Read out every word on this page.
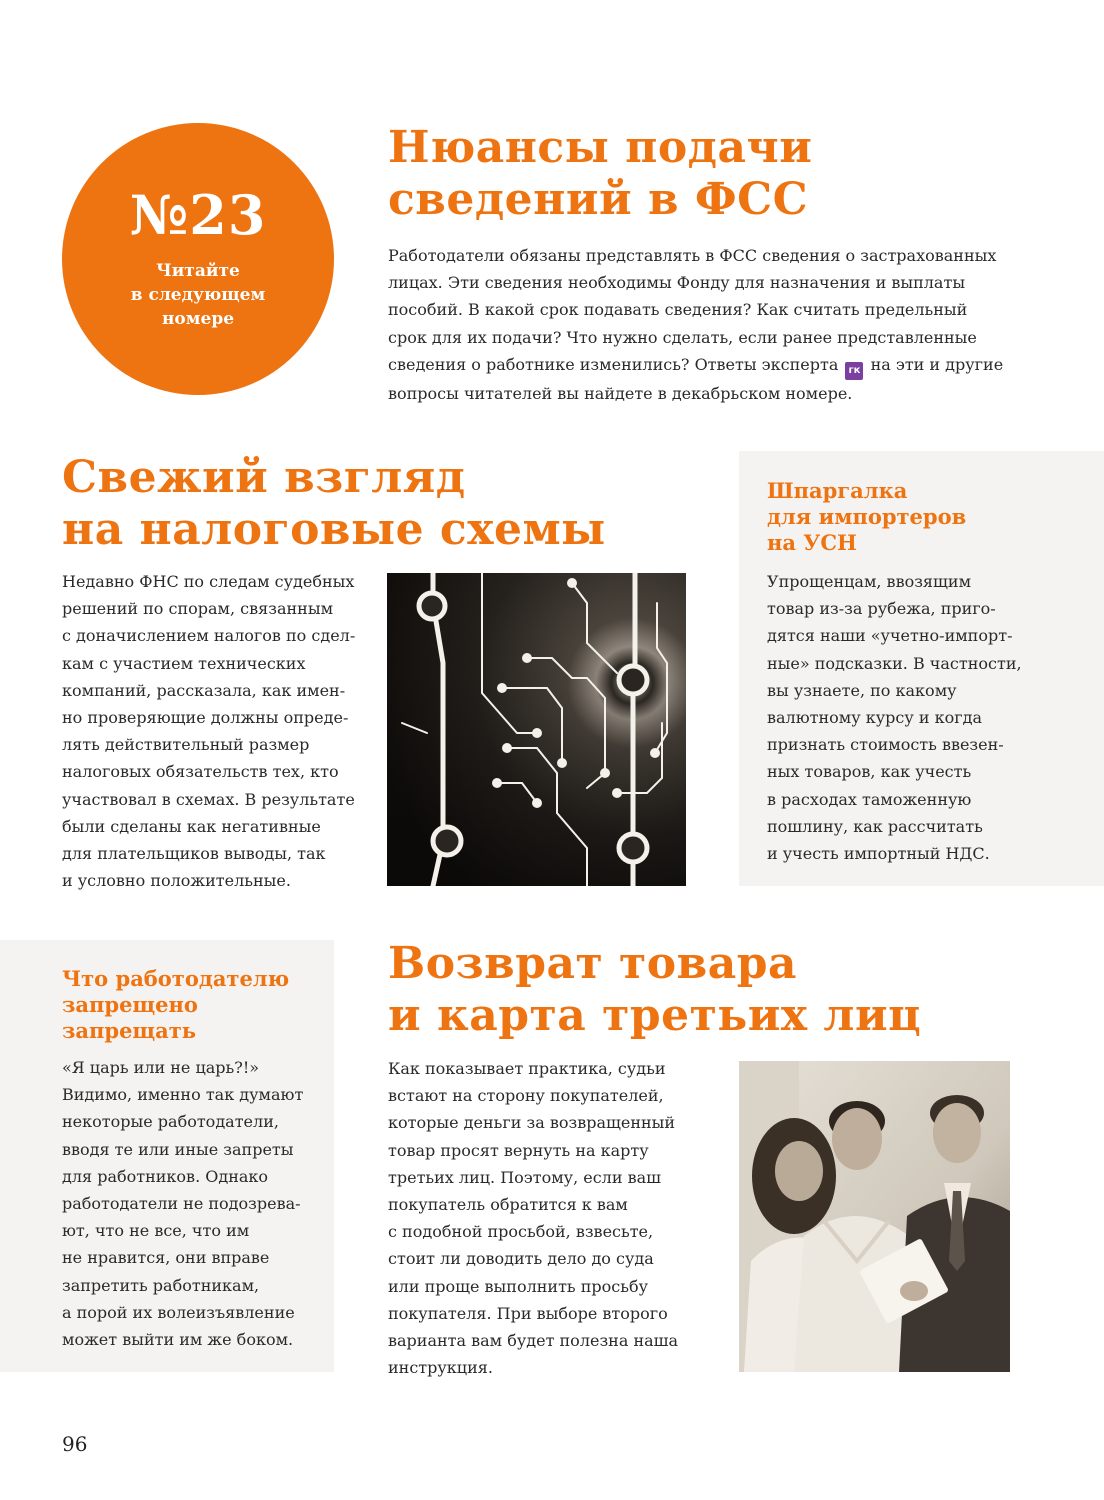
№23
Читайте
в следующем
номере
Нюансы подачи
сведений в ФСС
Работодатели обязаны представлять в ФСС сведения о застрахованных
лицах. Эти сведения необходимы Фонду для назначения и выплаты
пособий. В какой срок подавать сведения? Как считать предельный
срок для их подачи? Что нужно сделать, если ранее представленные
сведения о работнике изменились? Ответы эксперта гк на эти и другие
вопросы читателей вы найдете в декабрьском номере.
Свежий взгляд
на налоговые схемы
Недавно ФНС по следам судебных
решений по спорам, связанным
с доначислением налогов по сдел-
кам с участием технических
компаний, рассказала, как имен-
но проверяющие должны опреде-
лять действительный размер
налоговых обязательств тех, кто
участвовал в схемах. В результате
были сделаны как негативные
для плательщиков выводы, так
и условно положительные.
Шпаргалка
для импортеров
на УСН
Упрощенцам, ввозящим
товар из-за рубежа, приго-
дятся наши «учетно-импорт-
ные» подсказки. В частности,
вы узнаете, по какому
валютному курсу и когда
признать стоимость ввезен-
ных товаров, как учесть
в расходах таможенную
пошлину, как рассчитать
и учесть импортный НДС.
Что работодателю
запрещено
запрещать
«Я царь или не царь?!»
Видимо, именно так думают
некоторые работодатели,
вводя те или иные запреты
для работников. Однако
работодатели не подозрева-
ют, что не все, что им
не нравится, они вправе
запретить работникам,
а порой их волеизъявление
может выйти им же боком.
Возврат товара
и карта третьих лиц
Как показывает практика, судьи
встают на сторону покупателей,
которые деньги за возвращенный
товар просят вернуть на карту
третьих лиц. Поэтому, если ваш
покупатель обратится к вам
с подобной просьбой, взвесьте,
стоит ли доводить дело до суда
или проще выполнить просьбу
покупателя. При выборе второго
варианта вам будет полезна наша
инструкция.
96
